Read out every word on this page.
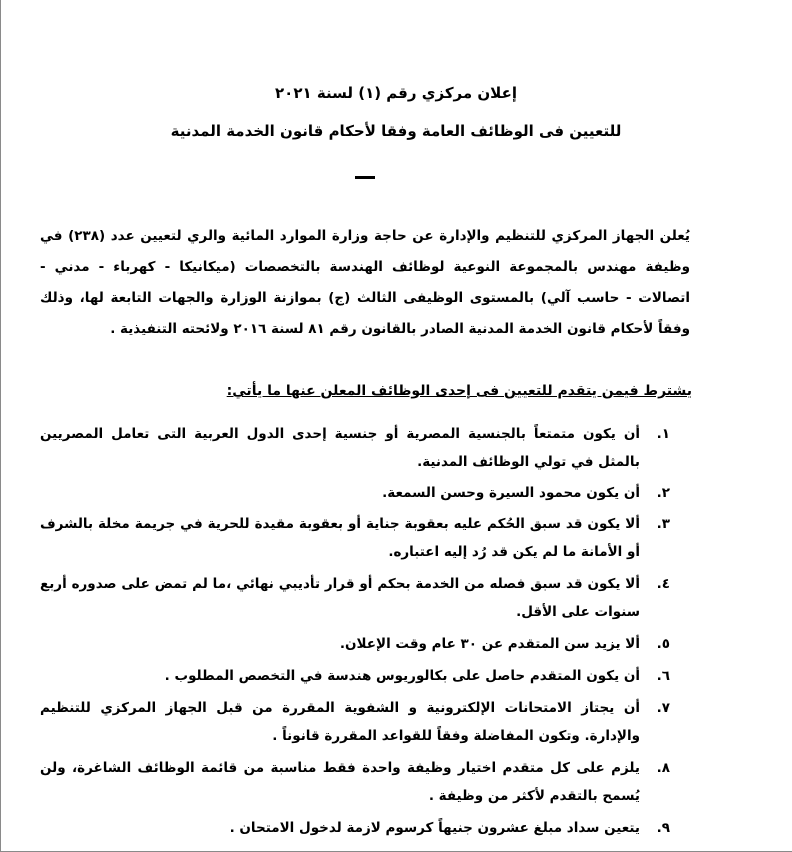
إعلان مركزي رقم (١) لسنة ٢٠٢١
للتعيين فى الوظائف العامة وفقا لأحكام قانون الخدمة المدنية

يُعلن الجهاز المركزي للتنظيم والإدارة عن حاجة وزارة الموارد المائية والري لتعيين عدد (٢٣٨) في وظيفة مهندس بالمجموعة النوعية لوظائف الهندسة بالتخصصات (ميكانيكا - كهرباء - مدني - اتصالات - حاسب آلي) بالمستوى الوظيفى الثالث (ج) بموازنة الوزارة والجهات التابعة لها، وذلك وفقاً لأحكام قانون الخدمة المدنية الصادر بالقانون رقم ٨١ لسنة ٢٠١٦ ولائحته التنفيذية .

يشترط فيمن يتقدم للتعيين فى إحدى الوظائف المعلن عنها ما يأتي:
١.
أن يكون متمتعاً بالجنسية المصرية أو جنسية إحدى الدول العربية التى تعامل المصريين بالمثل في تولي الوظائف المدنية.
٢.
أن يكون محمود السيرة وحسن السمعة.
٣.
ألا يكون قد سبق الحُكم عليه بعقوبة جناية أو بعقوبة مقيدة للحرية في جريمة مخلة بالشرف أو الأمانة ما لم يكن قد رُد إليه اعتباره.
٤.
ألا يكون قد سبق فصله من الخدمة بحكم أو قرار تأديبي نهائي ،ما لم تمض على صدوره أربع سنوات على الأقل.
٥.
ألا يزيد سن المتقدم عن ٣٠ عام وقت الإعلان.
٦.
أن يكون المتقدم حاصل على بكالوريوس هندسة في التخصص المطلوب .
٧.
أن يجتاز الامتحانات الإلكترونية و الشفوية المقررة من قبل الجهاز المركزي للتنظيم والإدارة. وتكون المفاضلة وفقاً للقواعد المقررة قانوناً .
٨.
يلزم على كل متقدم اختيار وظيفة واحدة فقط مناسبة من قائمة الوظائف الشاغرة، ولن يُسمح بالتقدم لأكثر من وظيفة .
٩.
يتعين سداد مبلغ عشرون جنيهاً كرسوم لازمة لدخول الامتحان .
